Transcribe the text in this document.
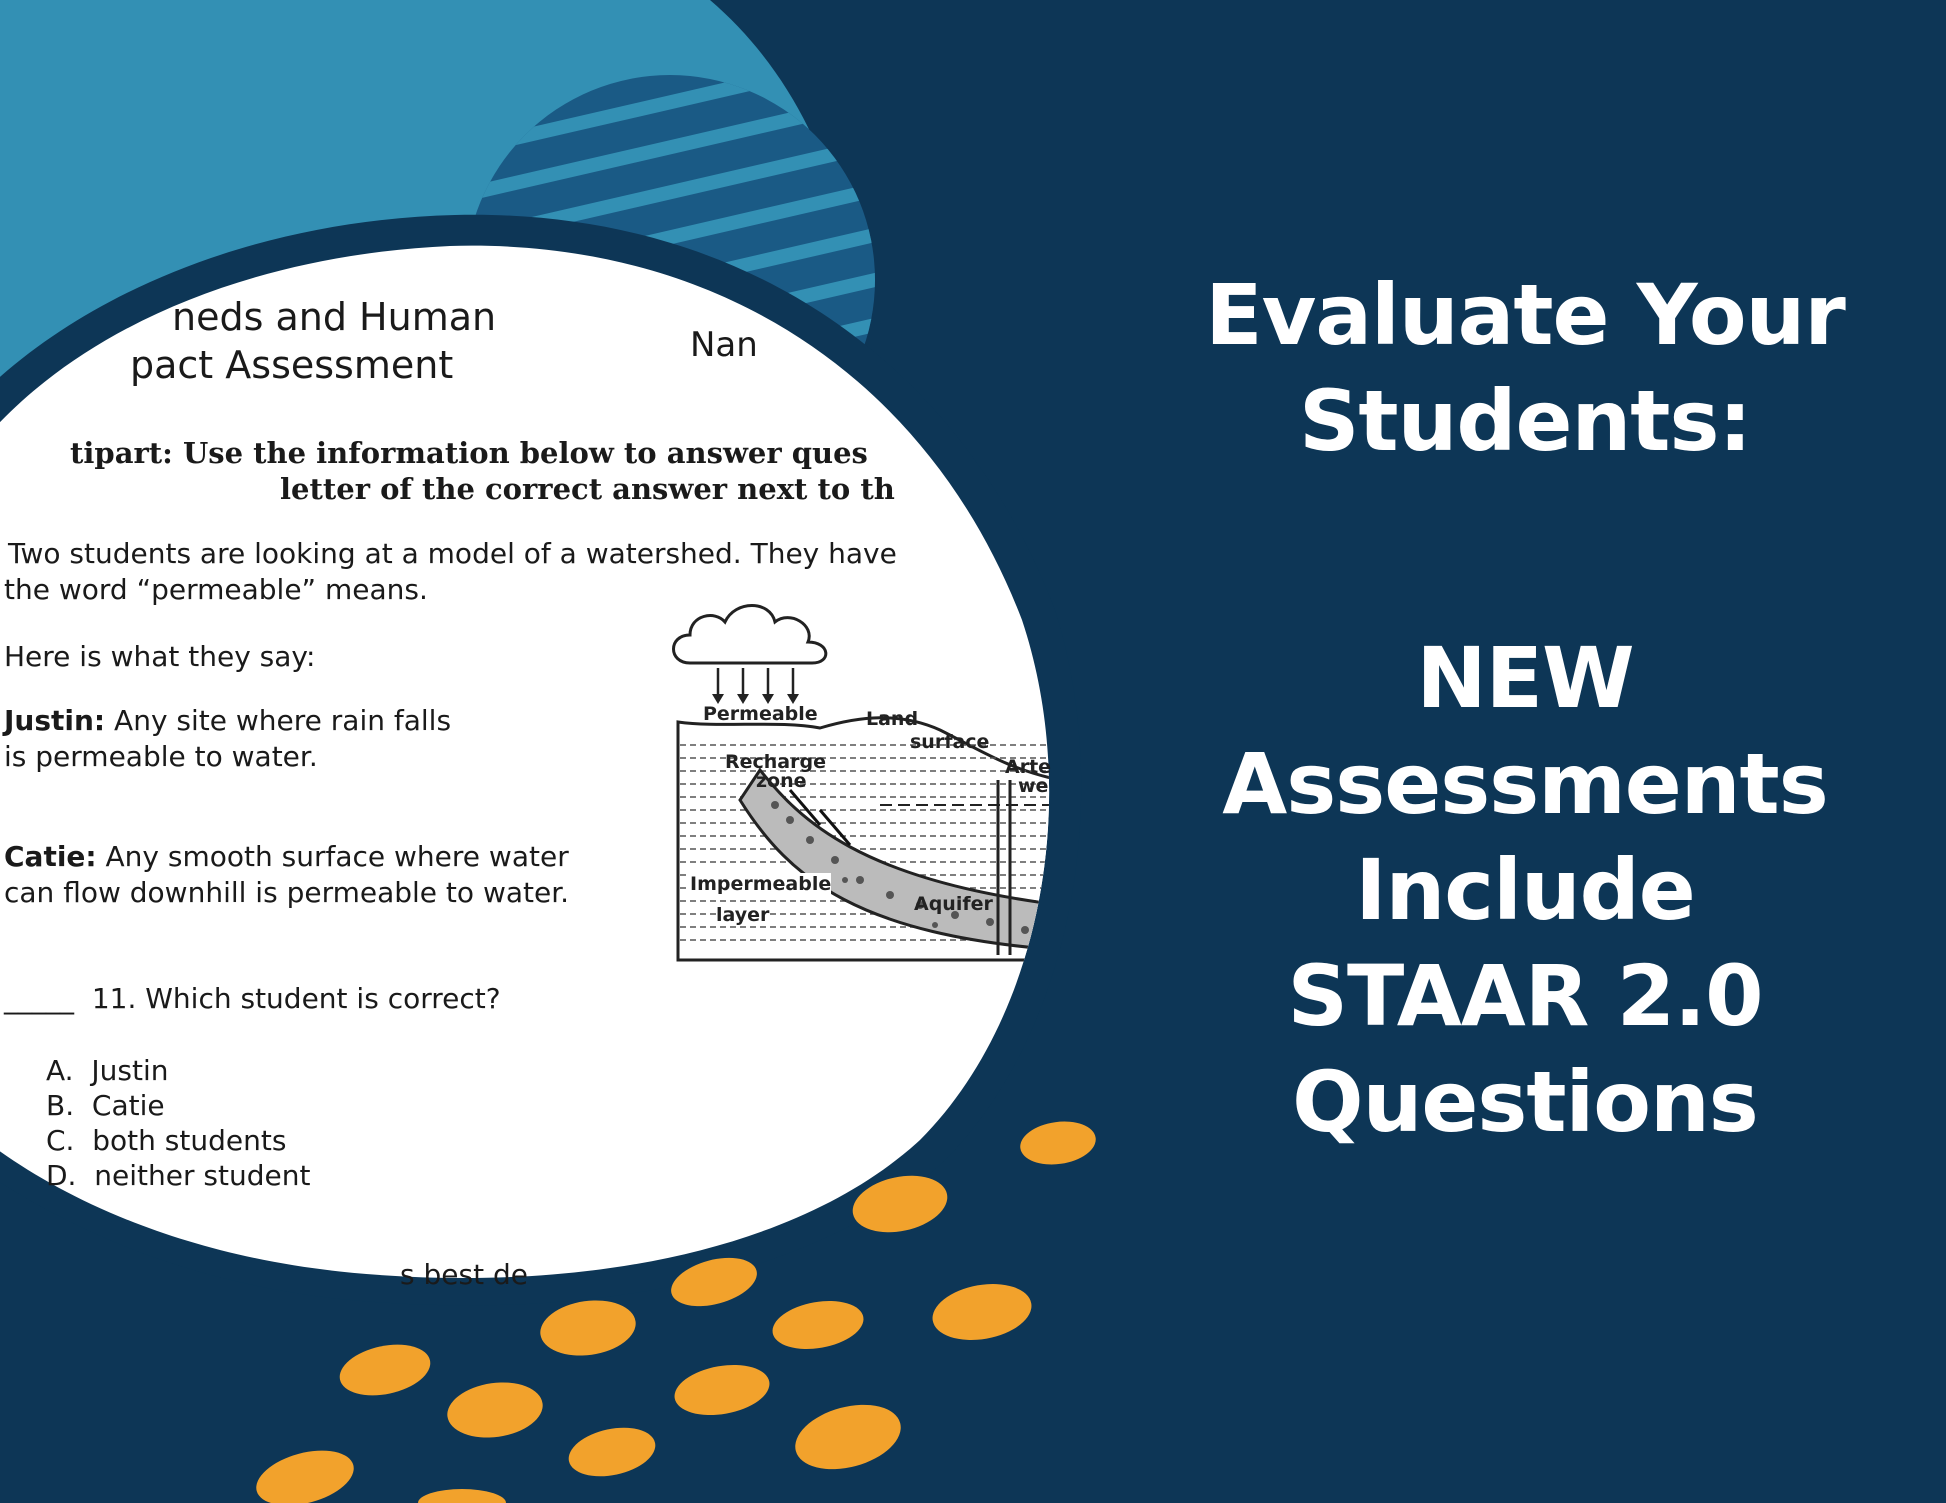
neds and Human
pact Assessment	Nan
tipart: Use the information below to answer ques
letter of the correct answer next to th
Two students are looking at a model of a watershed. They have
the word “permeable” means.
Here is what they say:
Justin: Any site where rain falls
is permeable to water.
Catie: Any smooth surface where water
can flow downhill is permeable to water.
_____ 11. Which student is correct?
A. Justin
B. Catie
C. both students
D. neither student
Permeable	Land
surface
Recharge
zone
Arte
we
Impermeable
layer	Aquifer
Evaluate Your
Students:
NEW Assessments
Include
STAAR 2.0
Questions
